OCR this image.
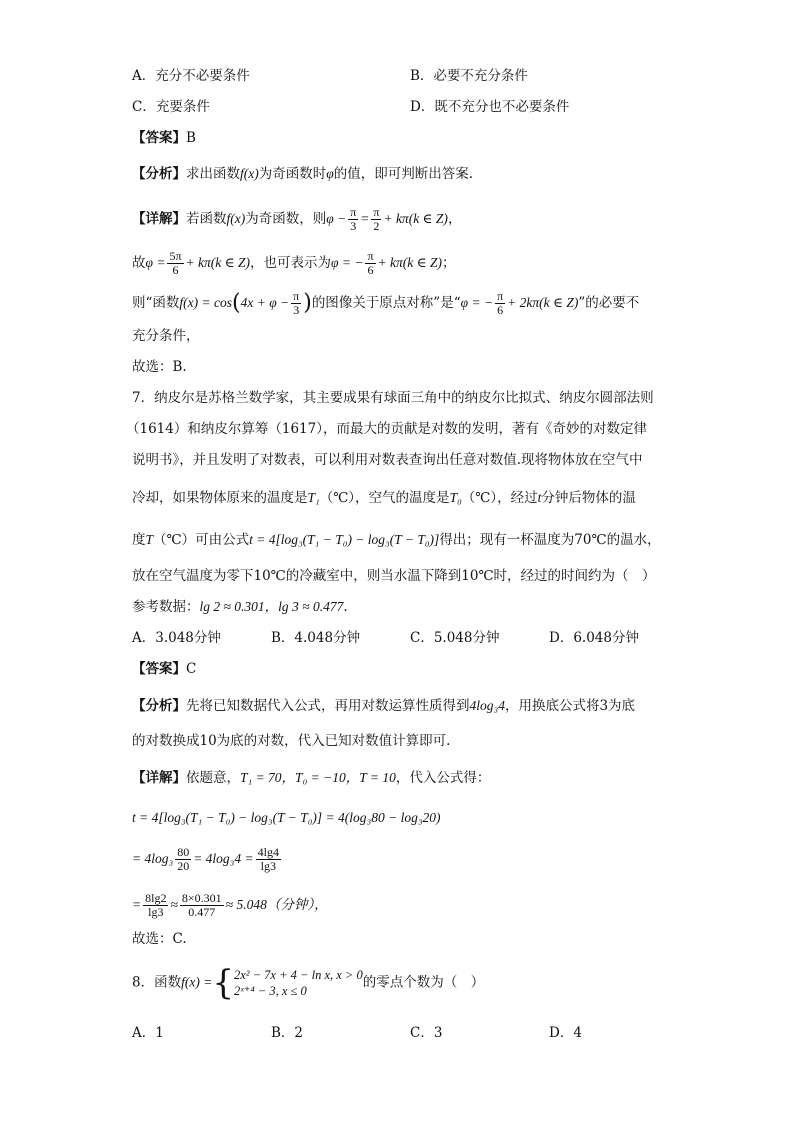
A．充分不必要条件	B．必要不充分条件
C．充要条件	D．既不充分也不必要条件
【答案】B
【分析】求出函数f(x)为奇函数时φ的值，即可判断出答案.
【详解】若函数f(x)为奇函数，则$\varphi - \frac{\pi}{3} = \frac{\pi}{2} + k\pi(k$ ∈ Z)，
故$\varphi = \frac{5\pi}{6} + k\pi(k$ ∈ Z)，也可表示为φ = − $\frac{\pi}{6} + k\pi(k$ ∈ Z)；
则“函数$f(x) = \cos(4x + \varphi - \frac{\pi}{3}$ )的图像关于原点对称”是“φ = − $\frac{\pi}{6} + 2k\pi(k$ ∈ Z)”的必要不
充分条件，
故选：B.
7．纳皮尔是苏格兰数学家，其主要成果有球面三角中的纳皮尔比拟式、纳皮尔圆部法则
（1614）和纳皮尔算筹（1617），而最大的贡献是对数的发明，著有《奇妙的对数定律
说明书》，并且发明了对数表，可以利用对数表查询出任意对数值.现将物体放在空气中
冷却，如果物体原来的温度是T₁（℃），空气的温度是T₀（℃），经过t分钟后物体的温
度T（℃）可由公式t = 4[log₃(T₁ − T₀) − log₃(T − T₀)]得出；现有一杯温度为70℃的温水，
放在空气温度为零下10℃的冷藏室中，则当水温下降到10℃时，经过的时间约为（　）
参考数据：lg 2 ≈ 0.301，lg 3 ≈ 0.477.
A．3.048分钟	B．4.048分钟	C．5.048分钟	D．6.048分钟
【答案】C
【分析】先将已知数据代入公式，再用对数运算性质得到4log₃4，用换底公式将3为底
的对数换成10为底的对数，代入已知对数值计算即可.
【详解】依题意，T₁ = 70，T₀ = −10，T = 10，代入公式得：
t = 4[log₃(T₁ − T₀) − log₃(T − T₀)] = 4(log₃80 − log₃20)
= $4\log_3 \frac{80}{20} = 4\log_34 = \frac{4\lg 4}{\lg 3}$
= $\frac{8\lg 2}{\lg 3} \approx \frac{8\times 0.301}{0.477} \approx 5.048$（分钟），
故选：C.
8．函数f(x) ={ 2x² − 7x + 4 − ln x, x > 0
2ˣ⁺⁴ − 3, x ≤ 0
的零点个数为（　）
A．1	B．2	C．3	D．4
